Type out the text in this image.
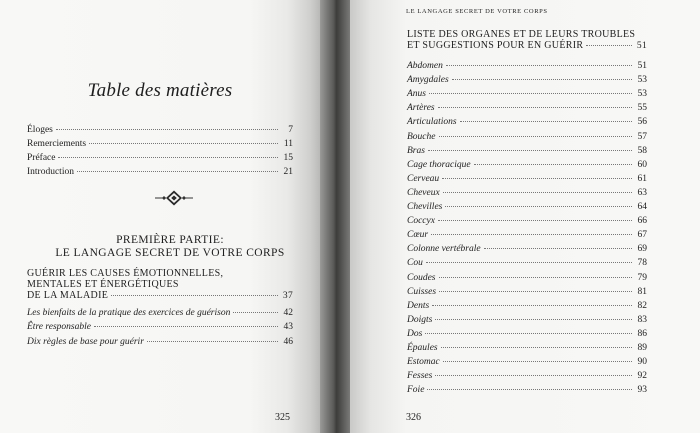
Table des matières
Éloges	7
Remerciements	11
Préface	15
Introduction	21
PREMIÈRE PARTIE:
LE LANGAGE SECRET DE VOTRE CORPS
GUÉRIR LES CAUSES ÉMOTIONNELLES,
MENTALES ET ÉNERGÉTIQUES
DE LA MALADIE	37
Les bienfaits de la pratique des exercices de guérison	42
Être responsable	43
Dix règles de base pour guérir	46
325
LE LANGAGE SECRET DE VOTRE CORPS
LISTE DES ORGANES ET DE LEURS TROUBLES
ET SUGGESTIONS POUR EN GUÉRIR	51
Abdomen	51
Amygdales	53
Anus	53
Artères	55
Articulations	56
Bouche	57
Bras	58
Cage thoracique	60
Cerveau	61
Cheveux	63
Chevilles	64
Coccyx	66
Cœur	67
Colonne vertébrale	69
Cou	78
Coudes	79
Cuisses	81
Dents	82
Doigts	83
Dos	86
Épaules	89
Estomac	90
Fesses	92
Foie	93
326
